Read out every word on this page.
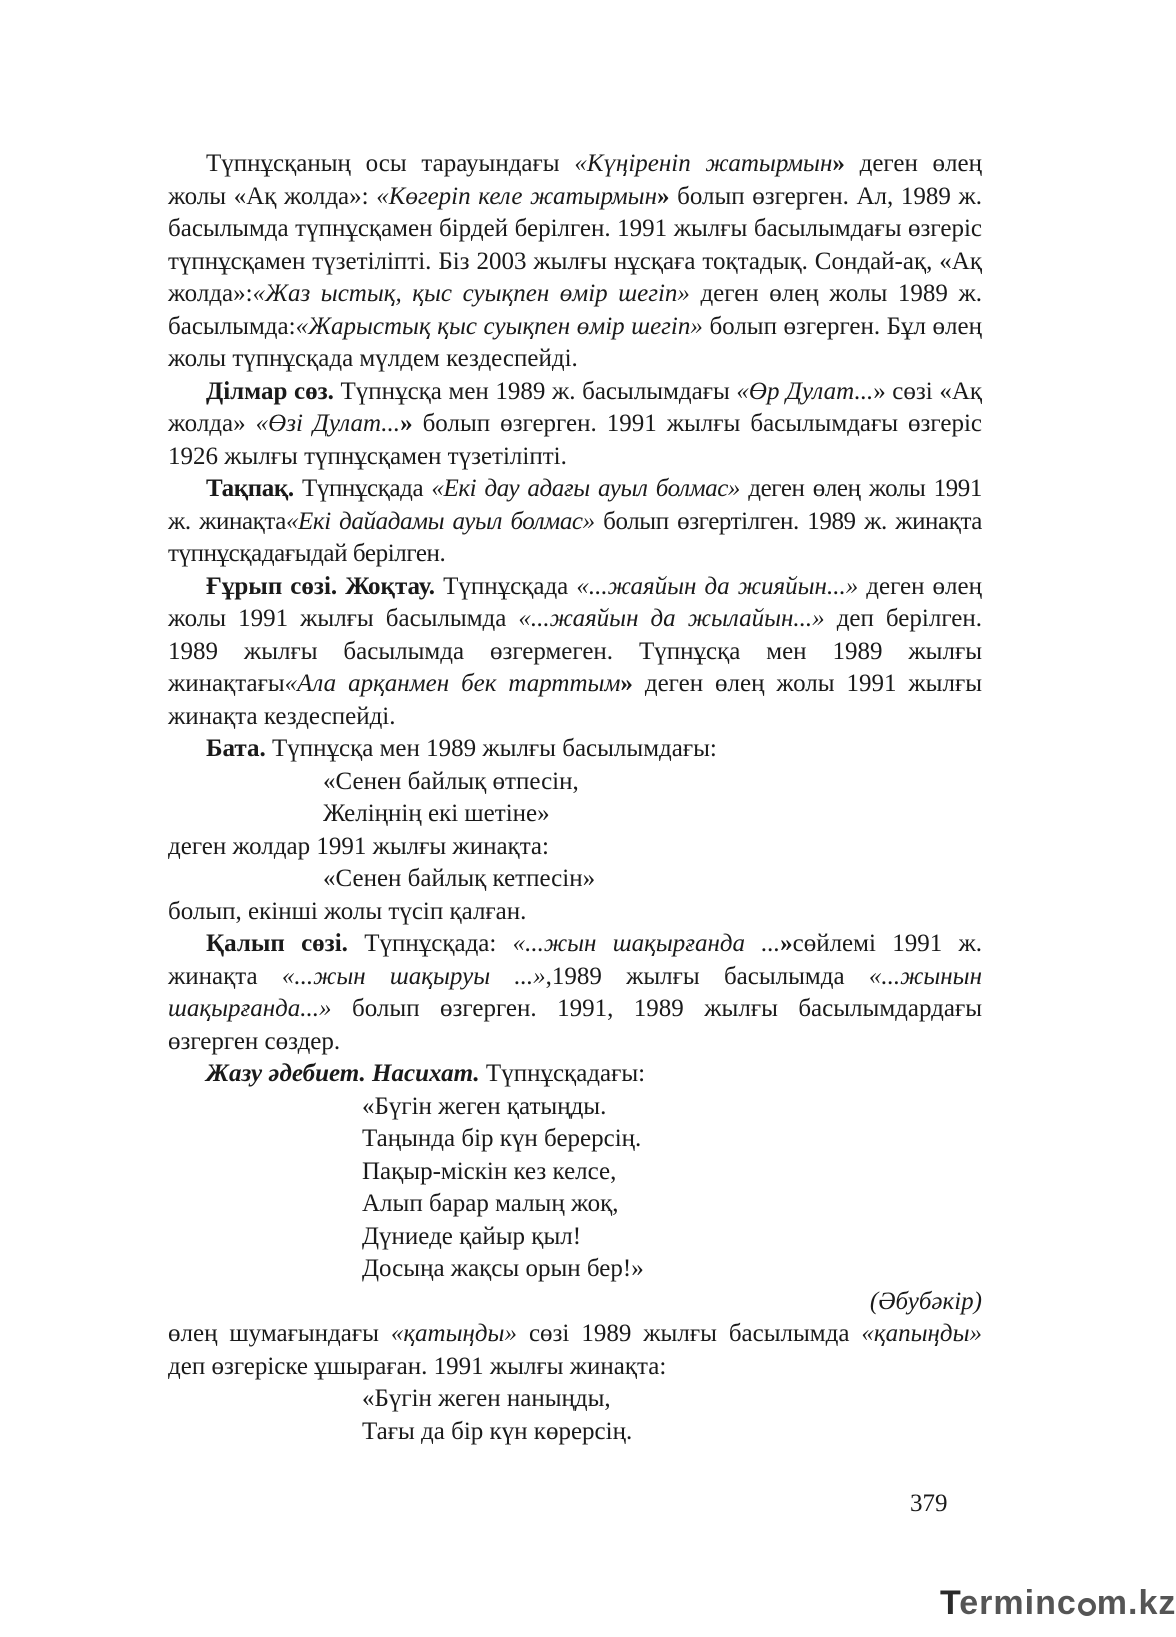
Түпнұсқаның осы тарауындағы «Күңіреніп жатырмын» деген өлең жолы «Ақ жолда»: «Көгеріп келе жатырмын» болып өзгерген. Ал, 1989 ж. басылымда түпнұсқамен бірдей берілген. 1991 жылғы басылымдағы өзгеріс түпнұсқамен түзетіліпті. Біз 2003 жылғы нұсқаға тоқтадық. Сондай-ақ, «Ақ жолда»:«Жаз ыстық, қыс суықпен өмір шегіп» деген өлең жолы 1989 ж. басылымда:«Жарыстық қыс суықпен өмір шегіп» болып өзгерген. Бұл өлең жолы түпнұсқада мүлдем кездеспейді.

Ділмар сөз. Түпнұсқа мен 1989 ж. басылымдағы «Өр Дулат...» сөзі «Ақ жолда» «Өзі Дулат...» болып өзгерген. 1991 жылғы басылымдағы өзгеріс 1926 жылғы түпнұсқамен түзетіліпті.

Тақпақ. Түпнұсқада «Екі дау адағы ауыл болмас» деген өлең жолы 1991 ж. жинақта«Екі дайадамы ауыл болмас» болып өзгертілген. 1989 ж. жинақта түпнұсқадағыдай берілген.

Ғұрып сөзі. Жоқтау. Түпнұсқада «...жаяйын да жияйын...» деген өлең жолы 1991 жылғы басылымда «...жаяйын да жылайын...» деп берілген. 1989 жылғы басылымда өзгермеген. Түпнұсқа мен 1989 жылғы жинақтағы«Ала арқанмен бек тарттым» деген өлең жолы 1991 жылғы жинақта кездеспейді.

Бата. Түпнұсқа мен 1989 жылғы басылымдағы:

«Сенен байлық өтпесін,
Желіңнің екі шетіне»

деген жолдар 1991 жылғы жинақта:

«Сенен байлық кетпесін»

болып, екінші жолы түсіп қалған.

Қалып сөзі. Түпнұсқада: «...жын шақырғанда ...»сөйлемі 1991 ж. жинақта «...жын шақыруы ...»,1989 жылғы басылымда «...жынын шақырғанда...» болып өзгерген. 1991, 1989 жылғы басылымдардағы өзгерген сөздер.

Жазу әдебиет. Насихат. Түпнұсқадағы:

«Бүгін жеген қатыңды.
Таңында бір күн берерсің.
Пақыр-міскін кез келсе,
Алып барар малың жоқ,
Дүниеде қайыр қыл!
Досыңа жақсы орын бер!»
(Әбубәкір)

өлең шумағындағы «қатыңды» сөзі 1989 жылғы басылымда «қапыңды» деп өзгеріске ұшыраған. 1991 жылғы жинақта:

«Бүгін жеген наныңды,
Тағы да бір күн көрерсің.
379
Terminc m.kz
